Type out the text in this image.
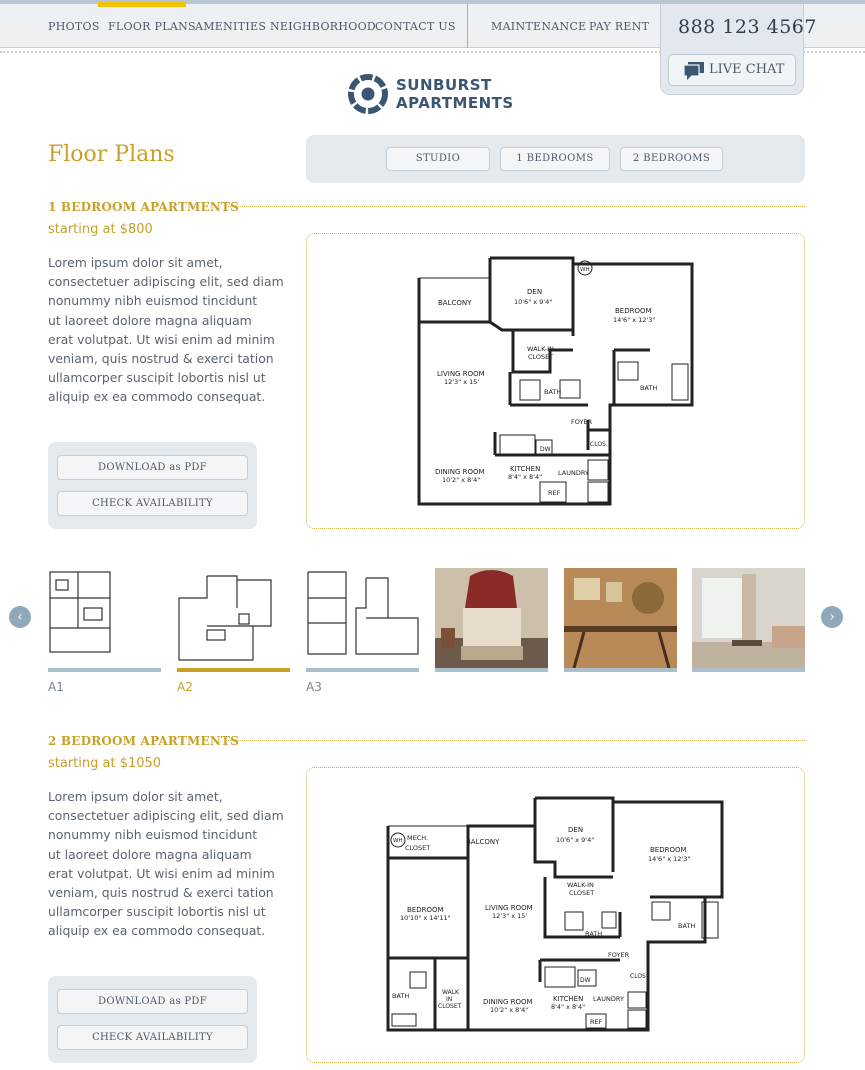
PHOTOS FLOOR PLANS AMENITIES NEIGHBORHOOD
CONTACT US	MAINTENANCE PAY RENT 888 123 4567
LIVE CHAT
SUNBURST
APARTMENTS
Floor Plans	STUDIO	1 BEDROOMS	2 BEDROOMS
1 BEDROOM APARTMENTS
starting at $800
Lorem ipsum dolor sit amet,
consectetuer adipiscing elit, sed diam
nonummy nibh euismod tincidunt
ut laoreet dolore magna aliquam
erat volutpat. Ut wisi enim ad minim
veniam, quis nostrud & exerci tation
ullamcorper suscipit lobortis nisl ut
aliquip ex ea commodo consequat.
DOWNLOAD as PDF
CHECK AVAILABILITY
BALCONY
DEN
10'6" x 9'4"
BEDROOM
14'6" x 12'3"
WALK-IN
CLOSET
LIVING ROOM
12'3" x 15'
BATH	BATH
FOYER
CLOS.
DW
DINING ROOM
10'2" x 8'4"
KITCHEN
8'4" x 8'4" LAUNDRY
REF
WH
‹	›
A1	A2	A3
2 BEDROOM APARTMENTS
starting at $1050
Lorem ipsum dolor sit amet,
consectetuer adipiscing elit, sed diam
nonummy nibh euismod tincidunt
ut laoreet dolore magna aliquam
erat volutpat. Ut wisi enim ad minim
veniam, quis nostrud & exerci tation
ullamcorper suscipit lobortis nisl ut
aliquip ex ea commodo consequat.
DOWNLOAD as PDF
CHECK AVAILABILITY
WH MECH.
CLOSET
BALCONY
DEN
10'6" x 9'4"
BEDROOM
14'6" x 12'3"
BEDROOM
10'10" x 14'11"
LIVING ROOM
12'3" x 15'
WALK-IN
CLOSET
BATH
BATH
BATH
FOYER
CLOS.
DW
DINING ROOM
10'2" x 8'4"
KITCHEN
8'4" x 8'4"
LAUNDRY
REF
WALK
IN
CLOSET
